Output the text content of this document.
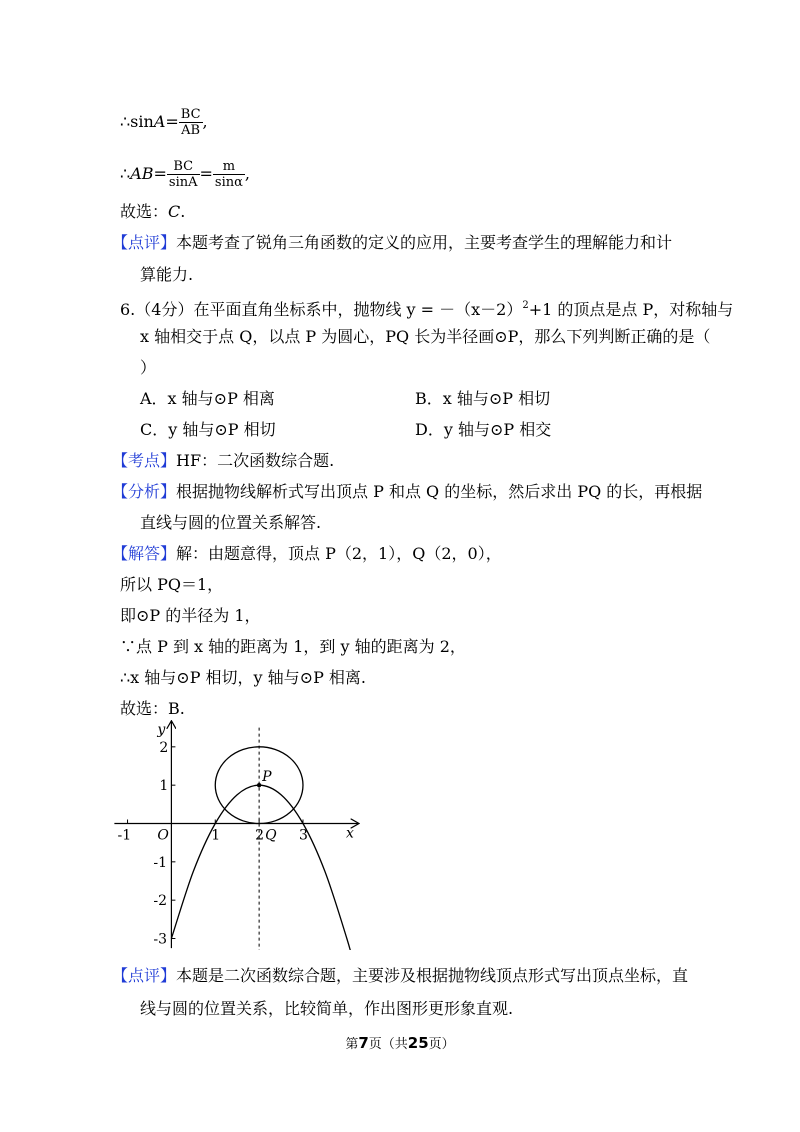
∴sinA= $\frac{BC}{AB}$ ,
∴AB= $\frac{BC}{\sin A} = \frac{m}{\sin\alpha}$ ,
故选：C.
【点评】本题考查了锐角三角函数的定义的应用，主要考查学生的理解能力和计
算能力.
6.（4分）在平面直角坐标系中，抛物线 $y = -(x-2)^2+1$ 的顶点是点 P，对称轴与
x 轴相交于点 Q，以点 P 为圆心，PQ 长为半径画⊙P，那么下列判断正确的是（
）
A．x 轴与⊙P 相离	B．x 轴与⊙P 相切
C．y 轴与⊙P 相切	D．y 轴与⊙P 相交
【考点】HF：二次函数综合题.
【分析】根据抛物线解析式写出顶点 P 和点 Q 的坐标，然后求出 PQ 的长，再根据
直线与圆的位置关系解答.
【解答】解：由题意得，顶点 P（2，1），Q（2，0），
所以 PQ＝1，
即⊙P 的半径为 1，
∵点 P 到 x 轴的距离为 1，到 y 轴的距离为 2，
∴x 轴与⊙P 相切，y 轴与⊙P 相离.
故选：B.
-1	1 2 3
2
1
-1
-2
-3
P
Q
O	x
y
【点评】本题是二次函数综合题，主要涉及根据抛物线顶点形式写出顶点坐标，直
线与圆的位置关系，比较简单，作出图形更形象直观.
第7页（共25页）
